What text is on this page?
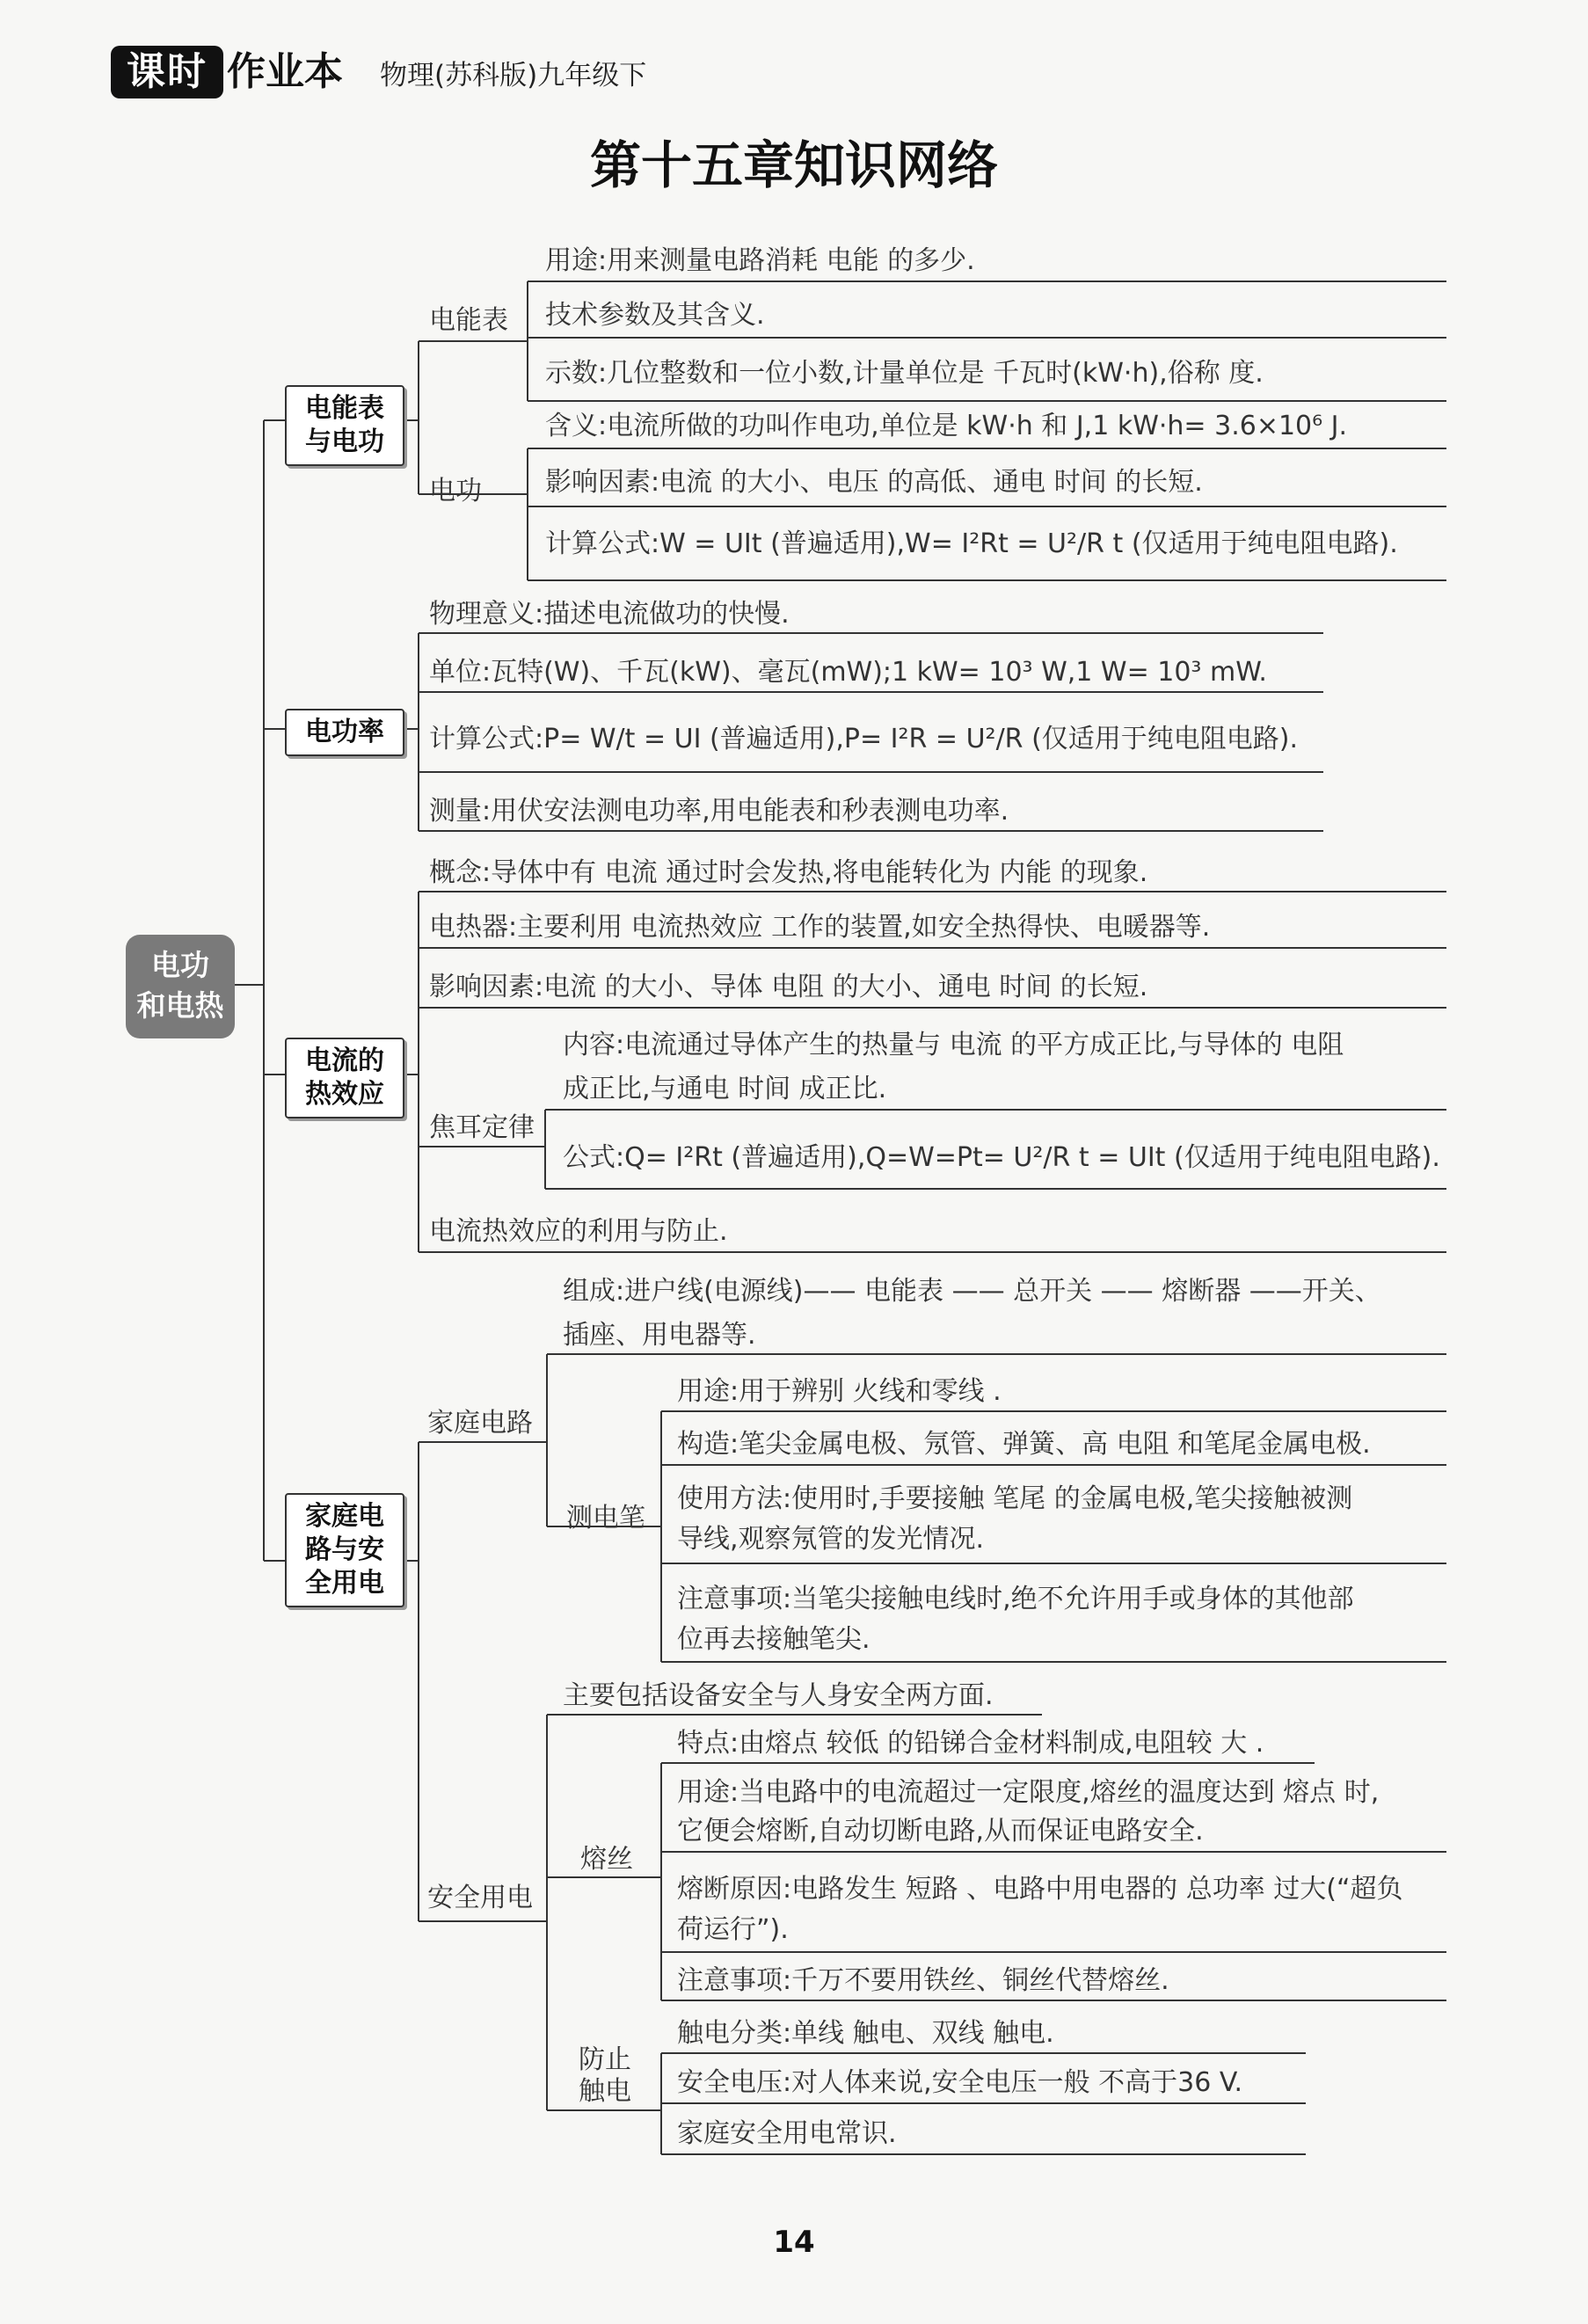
课时 作业本 物理(苏科版)九年级下
第十五章知识网络
电功
和电热
电能表
与电功
电能表
用途:用来测量电路消耗 电能 的多少.
技术参数及其含义.
示数:几位整数和一位小数,计量单位是 千瓦时(kW·h),俗称 度.
电功
含义:电流所做的功叫作电功,单位是 kW·h 和 J,1 kW·h= 3.6×10⁶ J.
影响因素:电流 的大小、电压 的高低、通电 时间 的长短.
计算公式:W = UIt (普遍适用),W= I²Rt = U²/R t (仅适用于纯电阻电路).
电功率
物理意义:描述电流做功的快慢.
单位:瓦特(W)、千瓦(kW)、毫瓦(mW);1 kW= 10³ W,1 W= 10³ mW.
计算公式:P= W/t = UI (普遍适用),P= I²R = U²/R (仅适用于纯电阻电路).
测量:用伏安法测电功率,用电能表和秒表测电功率.
电流的
热效应
概念:导体中有 电流 通过时会发热,将电能转化为 内能 的现象.
电热器:主要利用 电流热效应 工作的装置,如安全热得快、电暖器等.
影响因素:电流 的大小、导体 电阻 的大小、通电 时间 的长短.
焦耳定律
内容:电流通过导体产生的热量与 电流 的平方成正比,与导体的 电阻
成正比,与通电 时间 成正比.
公式:Q= I²Rt (普遍适用),Q=W=Pt= U²/R t = UIt (仅适用于纯电阻电路).
电流热效应的利用与防止.
家庭电
路与安
全用电
家庭电路
组成:进户线(电源线)—— 电能表 —— 总开关 —— 熔断器 ——开关、
插座、用电器等.
测电笔
用途:用于辨别 火线和零线 .
构造:笔尖金属电极、氖管、弹簧、高 电阻 和笔尾金属电极.
使用方法:使用时,手要接触 笔尾 的金属电极,笔尖接触被测
导线,观察氖管的发光情况.
注意事项:当笔尖接触电线时,绝不允许用手或身体的其他部
位再去接触笔尖.
安全用电
主要包括设备安全与人身安全两方面.
熔丝
特点:由熔点 较低 的铅锑合金材料制成,电阻较 大 .
用途:当电路中的电流超过一定限度,熔丝的温度达到 熔点 时,
它便会熔断,自动切断电路,从而保证电路安全.
熔断原因:电路发生 短路 、电路中用电器的 总功率 过大(“超负
荷运行”).
注意事项:千万不要用铁丝、铜丝代替熔丝.
防止
触电
触电分类:单线 触电、双线 触电.
安全电压:对人体来说,安全电压一般 不高于36 V.
家庭安全用电常识.
14
